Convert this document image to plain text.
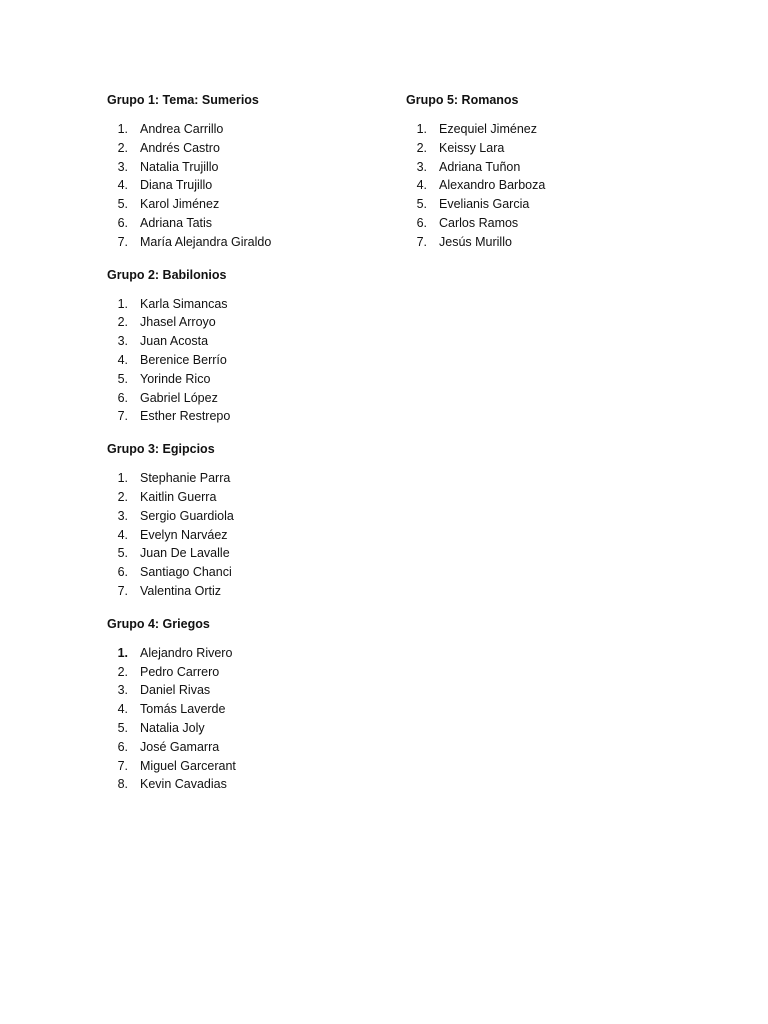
Grupo 1: Tema: Sumerios
1. Andrea Carrillo
2. Andrés Castro
3. Natalia Trujillo
4. Diana Trujillo
5. Karol Jiménez
6. Adriana Tatis
7. María Alejandra Giraldo
Grupo 2: Babilonios
1. Karla Simancas
2. Jhasel Arroyo
3. Juan Acosta
4. Berenice Berrío
5. Yorinde Rico
6. Gabriel López
7. Esther Restrepo
Grupo 3: Egipcios
1. Stephanie Parra
2. Kaitlin Guerra
3. Sergio Guardiola
4. Evelyn Narváez
5. Juan De Lavalle
6. Santiago Chanci
7. Valentina Ortiz
Grupo 4: Griegos
1. Alejandro Rivero
2. Pedro Carrero
3. Daniel Rivas
4. Tomás Laverde
5. Natalia Joly
6. José Gamarra
7. Miguel Garcerant
8. Kevin Cavadias
Grupo 5: Romanos
1. Ezequiel Jiménez
2. Keissy Lara
3. Adriana Tuñon
4. Alexandro Barboza
5. Evelianis Garcia
6. Carlos Ramos
7. Jesús Murillo
